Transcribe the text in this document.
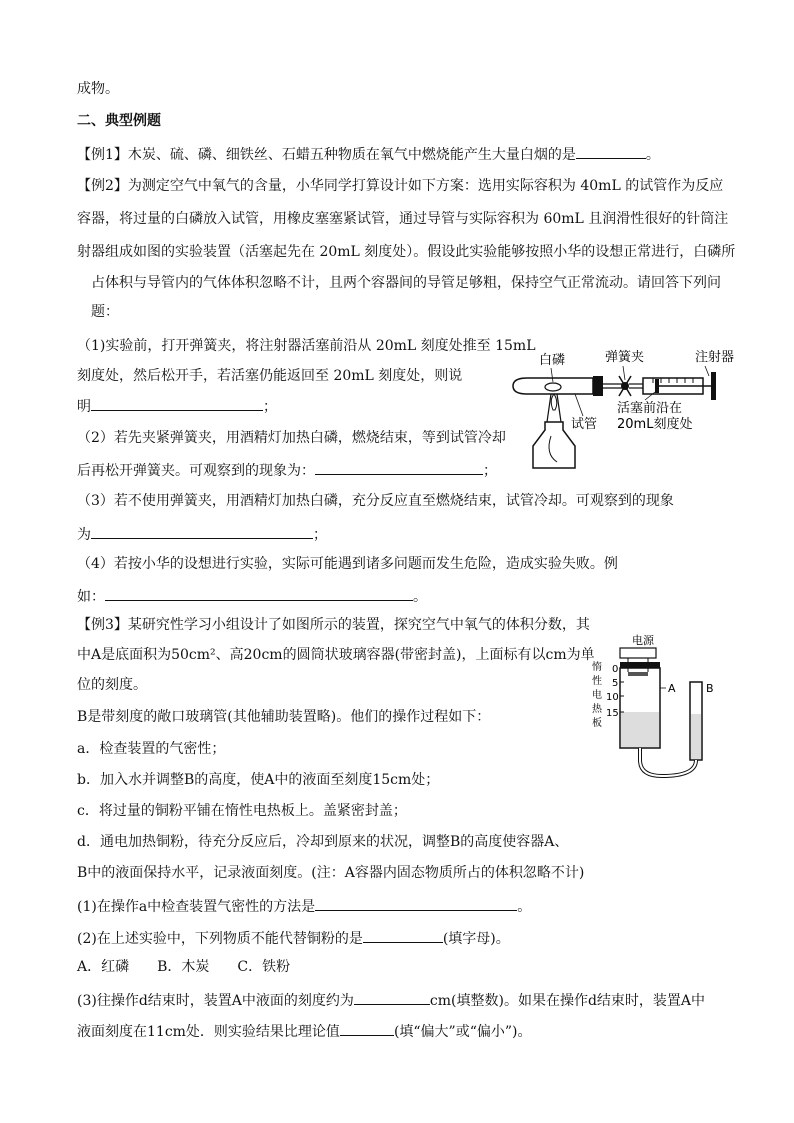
成物。
二、典型例题
【例1】木炭、硫、磷、细铁丝、石蜡五种物质在氧气中燃烧能产生大量白烟的是	。
【例2】为测定空气中氧气的含量，小华同学打算设计如下方案：选用实际容积为 40mL 的试管作为反应
容器，将过量的白磷放入试管，用橡皮塞塞紧试管，通过导管与实际容积为 60mL 且润滑性很好的针筒注
射器组成如图的实验装置（活塞起先在 20mL 刻度处）。假设此实验能够按照小华的设想正常进行，白磷所
占体积与导管内的气体体积忽略不计，且两个容器间的导管足够粗，保持空气正常流动。请回答下列问
题：
（1)实验前，打开弹簧夹，将注射器活塞前沿从 20mL 刻度处推至 15mL
刻度处，然后松开手，若活塞仍能返回至 20mL 刻度处，则说
明	；
（2）若先夹紧弹簧夹，用酒精灯加热白磷，燃烧结束，等到试管冷却
后再松开弹簧夹。可观察到的现象为：	；
（3）若不使用弹簧夹，用酒精灯加热白磷，充分反应直至燃烧结束，试管冷却。可观察到的现象
为	；
（4）若按小华的设想进行实验，实际可能遇到诸多问题而发生危险，造成实验失败。例
如：	。
白磷	弹簧夹	注射器
试管
活塞前沿在
20mL刻度处
【例3】某研究性学习小组设计了如图所示的装置，探究空气中氧气的体积分数，其
中A是底面积为50cm²、高20cm的圆筒状玻璃容器(带密封盖)，上面标有以cm为单
位的刻度。
B是带刻度的敞口玻璃管(其他辅助装置略)。他们的操作过程如下：
a．检查装置的气密性；
b．加入水并调整B的高度，使A中的液面至刻度15cm处；
c．将过量的铜粉平铺在惰性电热板上。盖紧密封盖；
d．通电加热铜粉，待充分反应后，冷却到原来的状况，调整B的高度使容器A、
B中的液面保持水平，记录液面刻度。(注：A容器内固态物质所占的体积忽略不计)
(1)在操作a中检查装置气密性的方法是	。
(2)在上述实验中，下列物质不能代替铜粉的是	(填字母)。
A．红磷　　B．木炭　　C．铁粉
(3)往操作d结束时，装置A中液面的刻度约为	cm(填整数)。如果在操作d结束时，装置A中
液面刻度在11cm处．则实验结果比理论值	(填“偏大”或“偏小”)。
电源
0
5
10
15
惰
性
电
热
板
A	B
